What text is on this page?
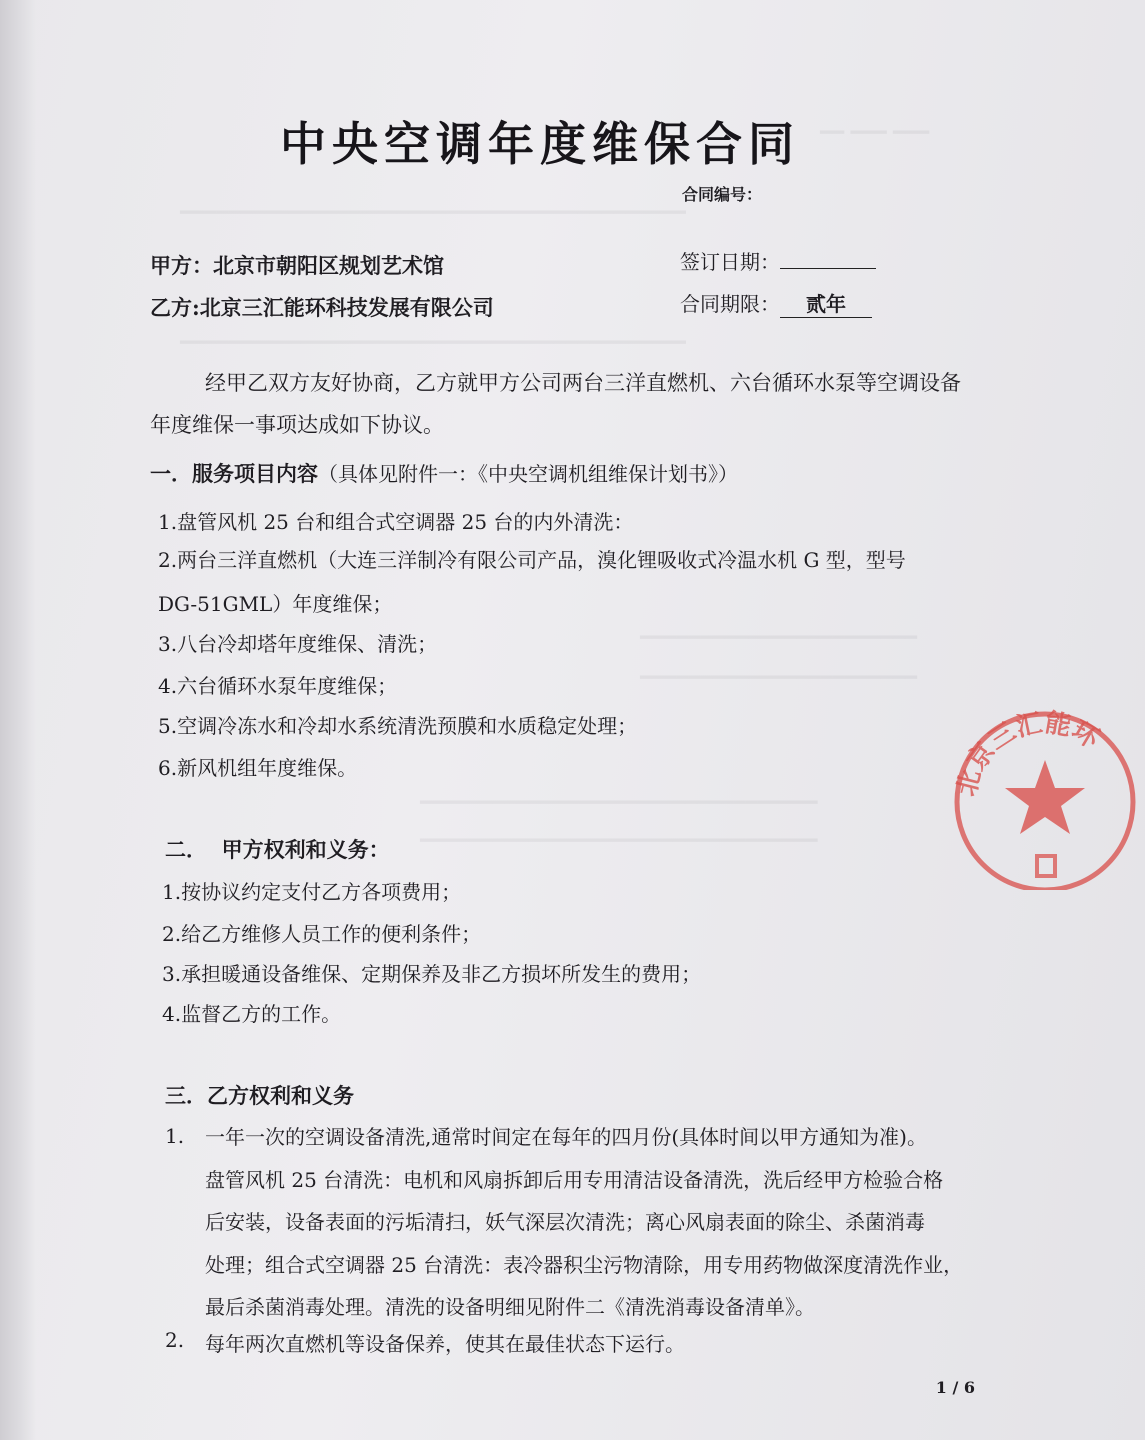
━━ ━━━ ━━━
━━━━━━━━━━━━━━━━━━━━━━━━━━━━━━━━━━━━━━━━━━
━━━━━━━━━━━━━━━━━━━━━━━━━━━━━━━━━━━━━━━━━━
━━━━━━━━━━━━━━━━━━━━━━━
━━━━━━━━━━━━━━━━━━━━━━━
━━━━━━━━━━━━━━━━━━━━━━━━━━━━━━━━━
━━━━━━━━━━━━━━━━━━━━━━━━━━━━━━━━━
中央空调年度维保合同
合同编号：
甲方：北京市朝阳区规划艺术馆
乙方:北京三汇能环科技发展有限公司
签订日期：
合同期限： 贰年
经甲乙双方友好协商，乙方就甲方公司两台三洋直燃机、六台循环水泵等空调设备
年度维保一事项达成如下协议。
一．服务项目内容（具体见附件一：《中央空调机组维保计划书》）
1.盘管风机 25 台和组合式空调器 25 台的内外清洗：
2.两台三洋直燃机（大连三洋制冷有限公司产品，溴化锂吸收式冷温水机 G 型，型号
DG-51GML）年度维保；
3.八台冷却塔年度维保、清洗；
4.六台循环水泵年度维保；
5.空调冷冻水和冷却水系统清洗预膜和水质稳定处理；
6.新风机组年度维保。
二．  甲方权利和义务：
1.按协议约定支付乙方各项费用；
2.给乙方维修人员工作的便利条件；
3.承担暖通设备维保、定期保养及非乙方损坏所发生的费用；
4.监督乙方的工作。
三．乙方权利和义务
1. 一年一次的空调设备清洗,通常时间定在每年的四月份(具体时间以甲方通知为准)。
盘管风机 25 台清洗：电机和风扇拆卸后用专用清洁设备清洗，洗后经甲方检验合格
后安装，设备表面的污垢清扫，妖气深层次清洗；离心风扇表面的除尘、杀菌消毒
处理；组合式空调器 25 台清洗：表冷器积尘污物清除，用专用药物做深度清洗作业，
最后杀菌消毒处理。清洗的设备明细见附件二《清洗消毒设备清单》。
2. 每年两次直燃机等设备保养，使其在最佳状态下运行。
1 / 6
北京三汇能环
